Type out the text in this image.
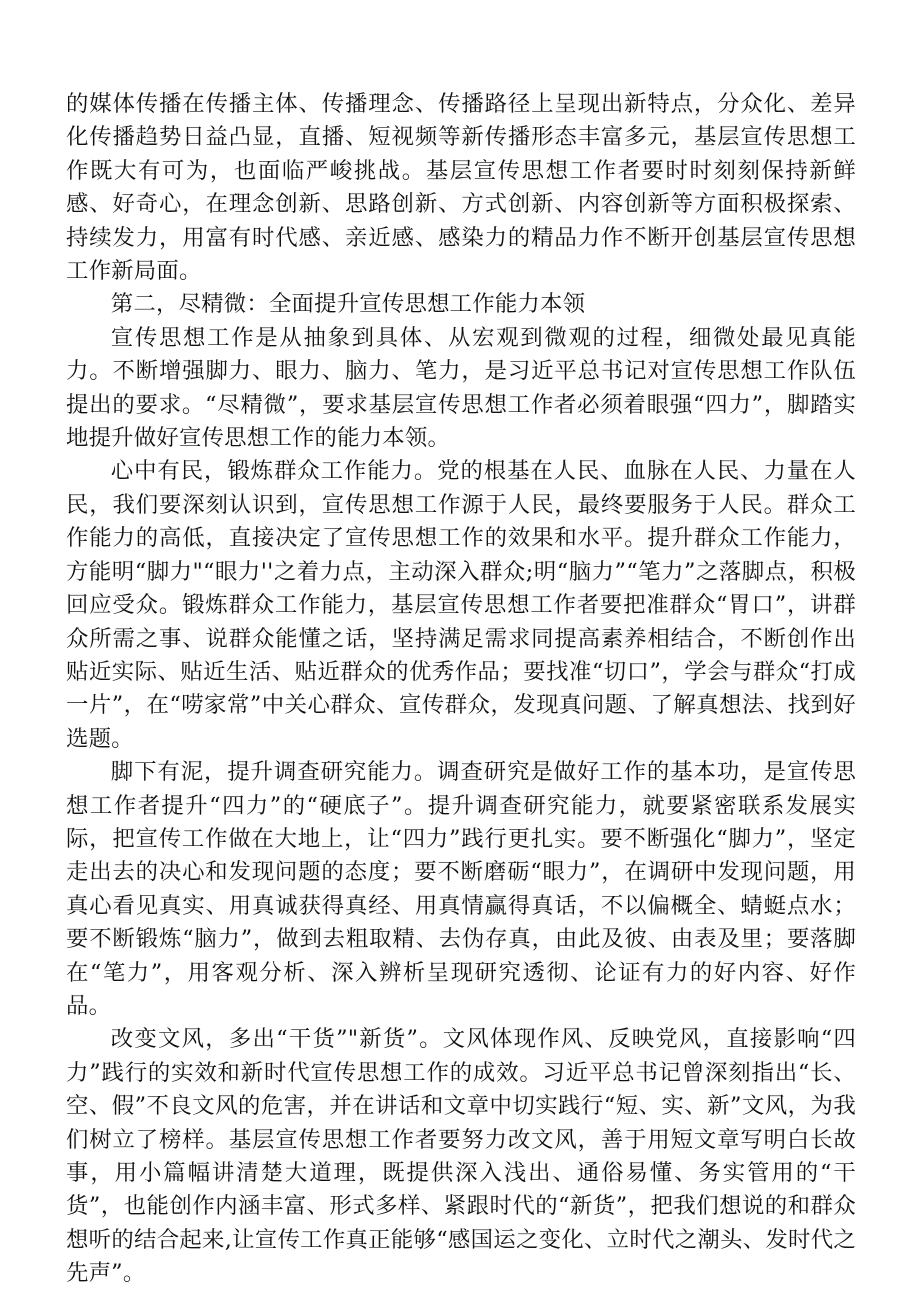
的媒体传播在传播主体、传播理念、传播路径上呈现出新特点，分众化、差异化传播趋势日益凸显，直播、短视频等新传播形态丰富多元，基层宣传思想工作既大有可为，也面临严峻挑战。基层宣传思想工作者要时时刻刻保持新鲜感、好奇心，在理念创新、思路创新、方式创新、内容创新等方面积极探索、持续发力，用富有时代感、亲近感、感染力的精品力作不断开创基层宣传思想工作新局面。

第二，尽精微：全面提升宣传思想工作能力本领

宣传思想工作是从抽象到具体、从宏观到微观的过程，细微处最见真能力。不断增强脚力、眼力、脑力、笔力，是习近平总书记对宣传思想工作队伍提出的要求。“尽精微”，要求基层宣传思想工作者必须着眼强“四力”，脚踏实地提升做好宣传思想工作的能力本领。

心中有民，锻炼群众工作能力。党的根基在人民、血脉在人民、力量在人民，我们要深刻认识到，宣传思想工作源于人民，最终要服务于人民。群众工作能力的高低，直接决定了宣传思想工作的效果和水平。提升群众工作能力，方能明“脚力"“眼力''之着力点，主动深入群众;明“脑力”“笔力”之落脚点，积极回应受众。锻炼群众工作能力，基层宣传思想工作者要把准群众“胃口”，讲群众所需之事、说群众能懂之话，坚持满足需求同提高素养相结合，不断创作出贴近实际、贴近生活、贴近群众的优秀作品；要找准“切口”，学会与群众“打成一片”，在“唠家常”中关心群众、宣传群众，发现真问题、了解真想法、找到好选题。

脚下有泥，提升调查研究能力。调查研究是做好工作的基本功，是宣传思想工作者提升“四力”的“硬底子”。提升调查研究能力，就要紧密联系发展实际，把宣传工作做在大地上，让“四力”践行更扎实。要不断强化“脚力”，坚定走出去的决心和发现问题的态度；要不断磨砺“眼力”，在调研中发现问题，用真心看见真实、用真诚获得真经、用真情赢得真话，不以偏概全、蜻蜓点水；要不断锻炼“脑力”，做到去粗取精、去伪存真，由此及彼、由表及里；要落脚在“笔力”，用客观分析、深入辨析呈现研究透彻、论证有力的好内容、好作品。

改变文风，多出“干货”"新货”。文风体现作风、反映党风，直接影响“四力”践行的实效和新时代宣传思想工作的成效。习近平总书记曾深刻指出“长、空、假”不良文风的危害，并在讲话和文章中切实践行“短、实、新”文风，为我们树立了榜样。基层宣传思想工作者要努力改文风，善于用短文章写明白长故事，用小篇幅讲清楚大道理，既提供深入浅出、通俗易懂、务实管用的“干货”，也能创作内涵丰富、形式多样、紧跟时代的“新货”，把我们想说的和群众想听的结合起来,让宣传工作真正能够“感国运之变化、立时代之潮头、发时代之先声”。
